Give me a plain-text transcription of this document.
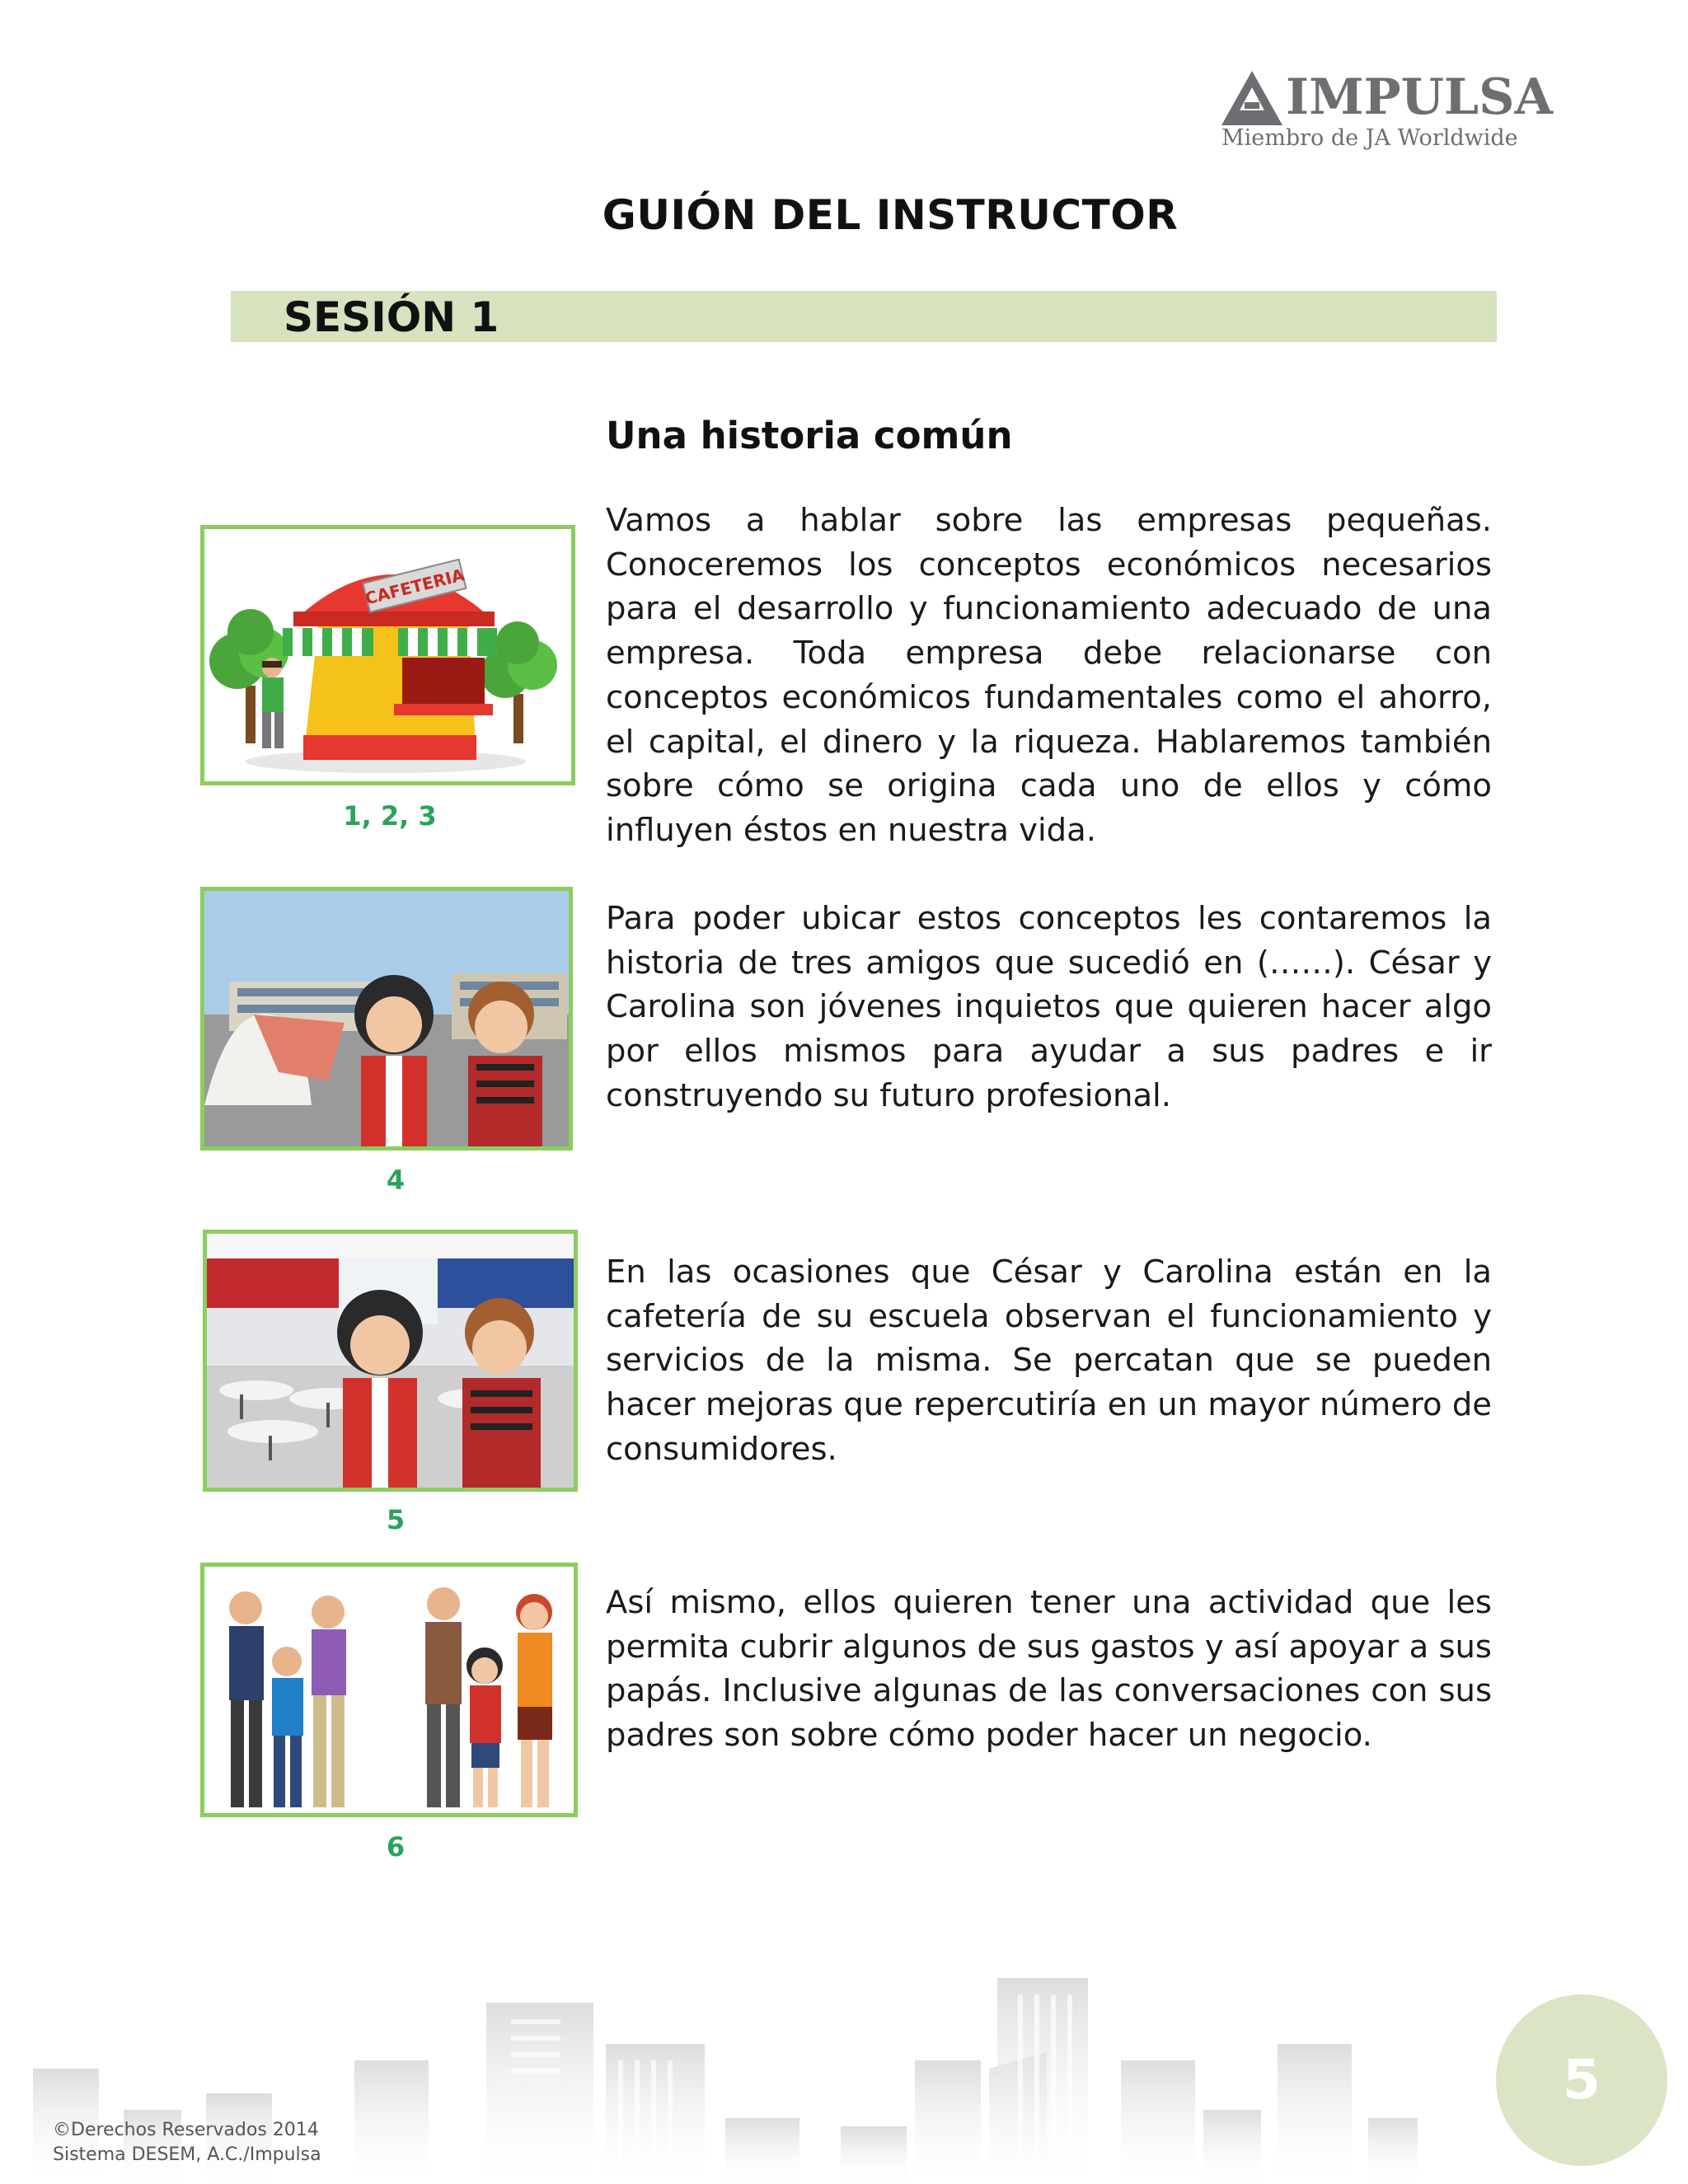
IMPULSA
Miembro de JA Worldwide
GUIÓN DEL INSTRUCTOR
SESIÓN 1
Una historia común

Vamos a hablar sobre las empresas pequeñas. Conoceremos los conceptos económicos necesarios para el desarrollo y funcionamiento adecuado de una empresa. Toda empresa debe relacionarse con conceptos económicos fundamentales como el ahorro, el capital, el dinero y la riqueza. Hablaremos también sobre cómo se origina cada uno de ellos y cómo influyen éstos en nuestra vida.

Para poder ubicar estos conceptos les contaremos la historia de tres amigos que sucedió en (……). César y Carolina son jóvenes inquietos que quieren hacer algo por ellos mismos para ayudar a sus padres e ir construyendo su futuro profesional.

En las ocasiones que César y Carolina están en la cafetería de su escuela observan el funcionamiento y servicios de la misma. Se percatan que se pueden hacer mejoras que repercutiría en un mayor número de consumidores.

Así mismo, ellos quieren tener una actividad que les permita cubrir algunos de sus gastos y así apoyar a sus papás. Inclusive algunas de las conversaciones con sus padres son sobre cómo poder hacer un negocio.

CAFETERIA
1, 2, 3
4
5
6
©Derechos Reservados 2014
Sistema DESEM, A.C./Impulsa
5
